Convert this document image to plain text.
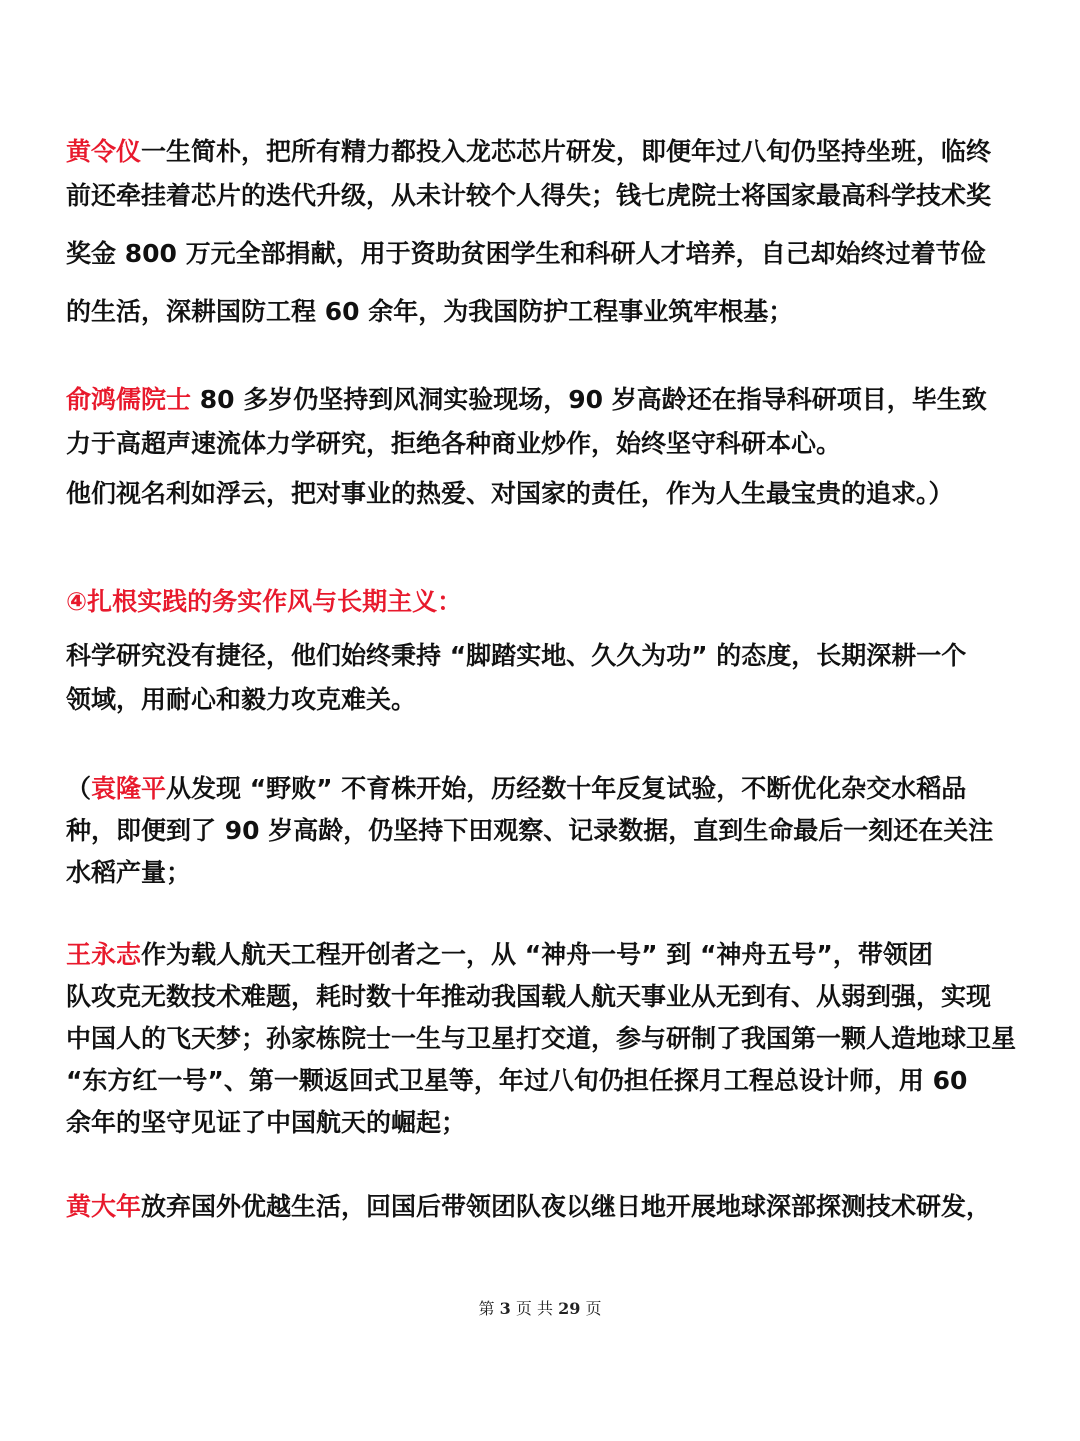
黄令仪一生简朴，把所有精力都投入龙芯芯片研发，即便年过八旬仍坚持坐班，临终
前还牵挂着芯片的迭代升级，从未计较个人得失；钱七虎院士将国家最高科学技术奖
奖金 800 万元全部捐献，用于资助贫困学生和科研人才培养，自己却始终过着节俭
的生活，深耕国防工程 60 余年，为我国防护工程事业筑牢根基；
俞鸿儒院士 80 多岁仍坚持到风洞实验现场，90 岁高龄还在指导科研项目，毕生致
力于高超声速流体力学研究，拒绝各种商业炒作，始终坚守科研本心。
他们视名利如浮云，把对事业的热爱、对国家的责任，作为人生最宝贵的追求。）
④扎根实践的务实作风与长期主义：
科学研究没有捷径，他们始终秉持 “脚踏实地、久久为功” 的态度，长期深耕一个
领域，用耐心和毅力攻克难关。
（袁隆平从发现 “野败” 不育株开始，历经数十年反复试验，不断优化杂交水稻品
种，即便到了 90 岁高龄，仍坚持下田观察、记录数据，直到生命最后一刻还在关注
水稻产量；
王永志作为载人航天工程开创者之一，从 “神舟一号” 到 “神舟五号”，带领团
队攻克无数技术难题，耗时数十年推动我国载人航天事业从无到有、从弱到强，实现
中国人的飞天梦；孙家栋院士一生与卫星打交道，参与研制了我国第一颗人造地球卫星
“东方红一号”、第一颗返回式卫星等，年过八旬仍担任探月工程总设计师，用 60
余年的坚守见证了中国航天的崛起；
黄大年放弃国外优越生活，回国后带领团队夜以继日地开展地球深部探测技术研发，
第 3 页 共 29 页
